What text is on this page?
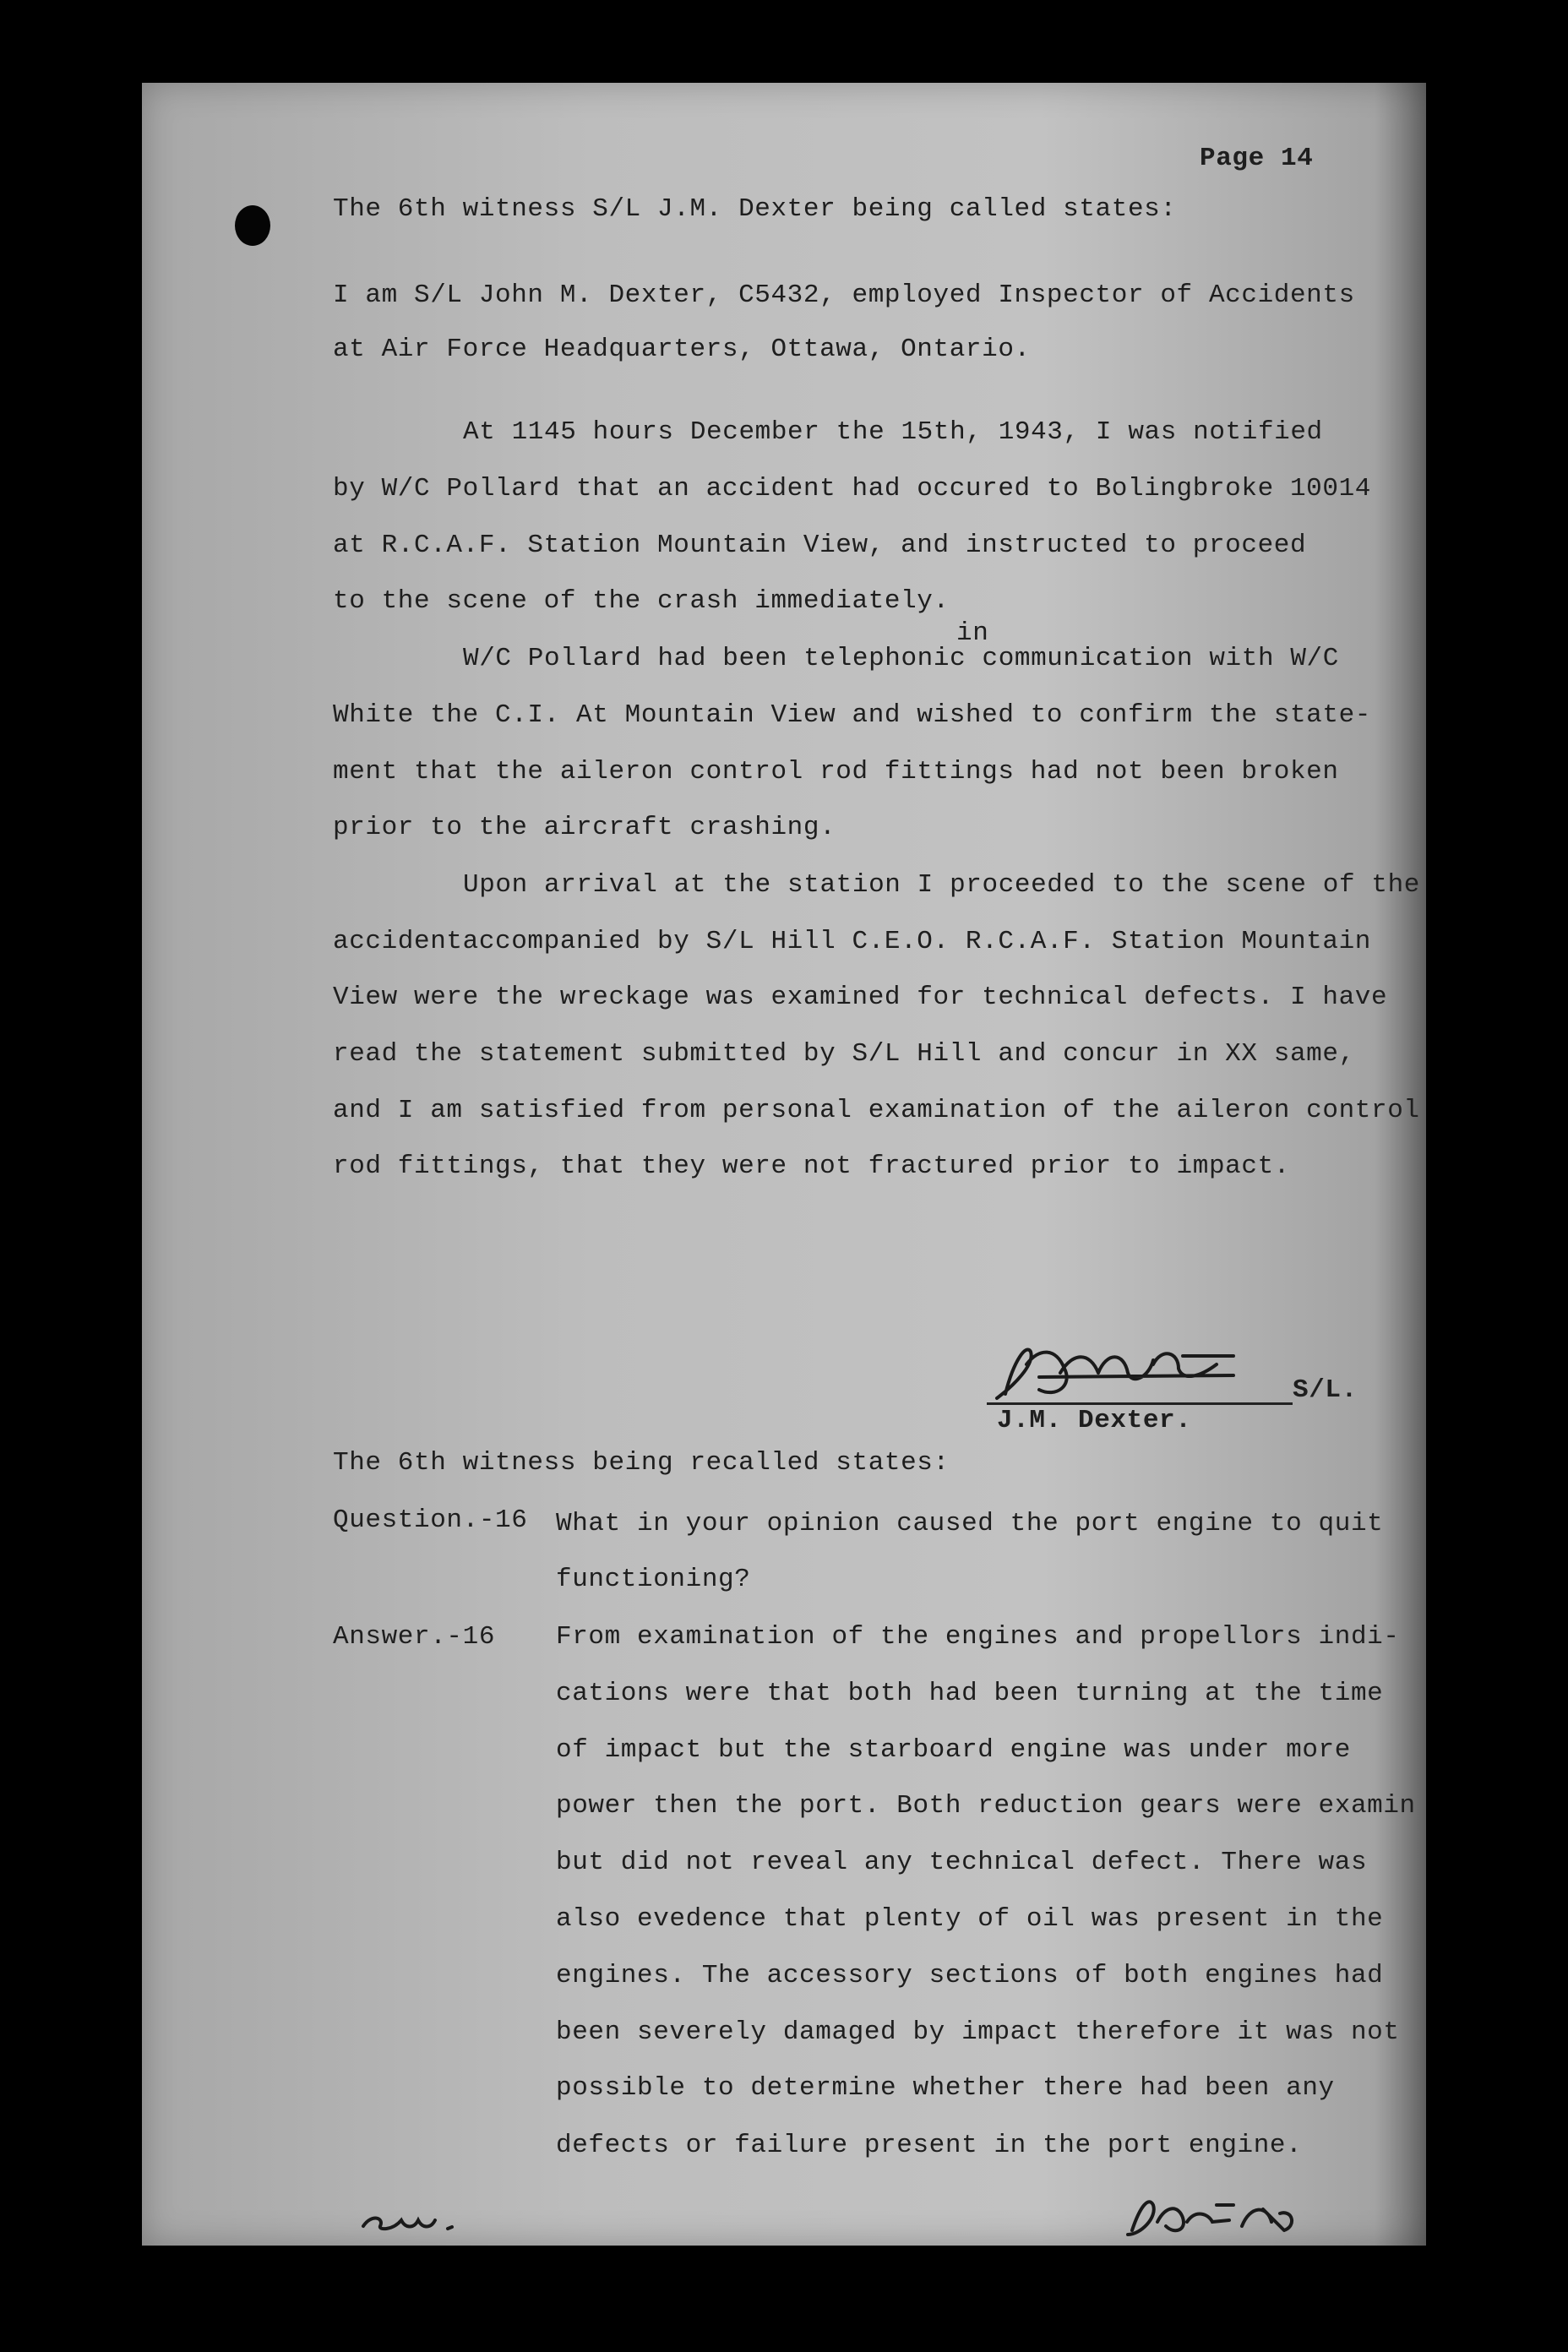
Page 14
The 6th witness S/L J.M. Dexter being called states:
I am S/L John M. Dexter, C5432, employed Inspector of Accidents
at Air Force Headquarters, Ottawa, Ontario.
At 1145 hours December the 15th, 1943, I was notified
by W/C Pollard that an accident had occured to Bolingbroke 10014
at R.C.A.F. Station Mountain View, and instructed to proceed
to the scene of the crash immediately.
in
W/C Pollard had been telephonic communication with W/C
White the C.I. At Mountain View and wished to confirm the state-
ment that the aileron control rod fittings had not been broken
prior to the aircraft crashing.
Upon arrival at the station I proceeded to the scene of the
accidentaccompanied by S/L Hill C.E.O. R.C.A.F. Station Mountain
View were the wreckage was examined for technical defects. I have
read the statement submitted by S/L Hill and concur in XX same,
and I am satisfied from personal examination of the aileron control
rod fittings, that they were not fractured prior to impact.
S/L.
J.M. Dexter.
The 6th witness being recalled states:
Question.-16 What in your opinion caused the port engine to quit
functioning?
Answer.-16 From examination of the engines and propellors indi-
cations were that both had been turning at the time
of impact but the starboard engine was under more
power then the port. Both reduction gears were examin
but did not reveal any technical defect. There was
also evedence that plenty of oil was present in the
engines. The accessory sections of both engines had
been severely damaged by impact therefore it was not
possible to determine whether there had been any
defects or failure present in the port engine.
